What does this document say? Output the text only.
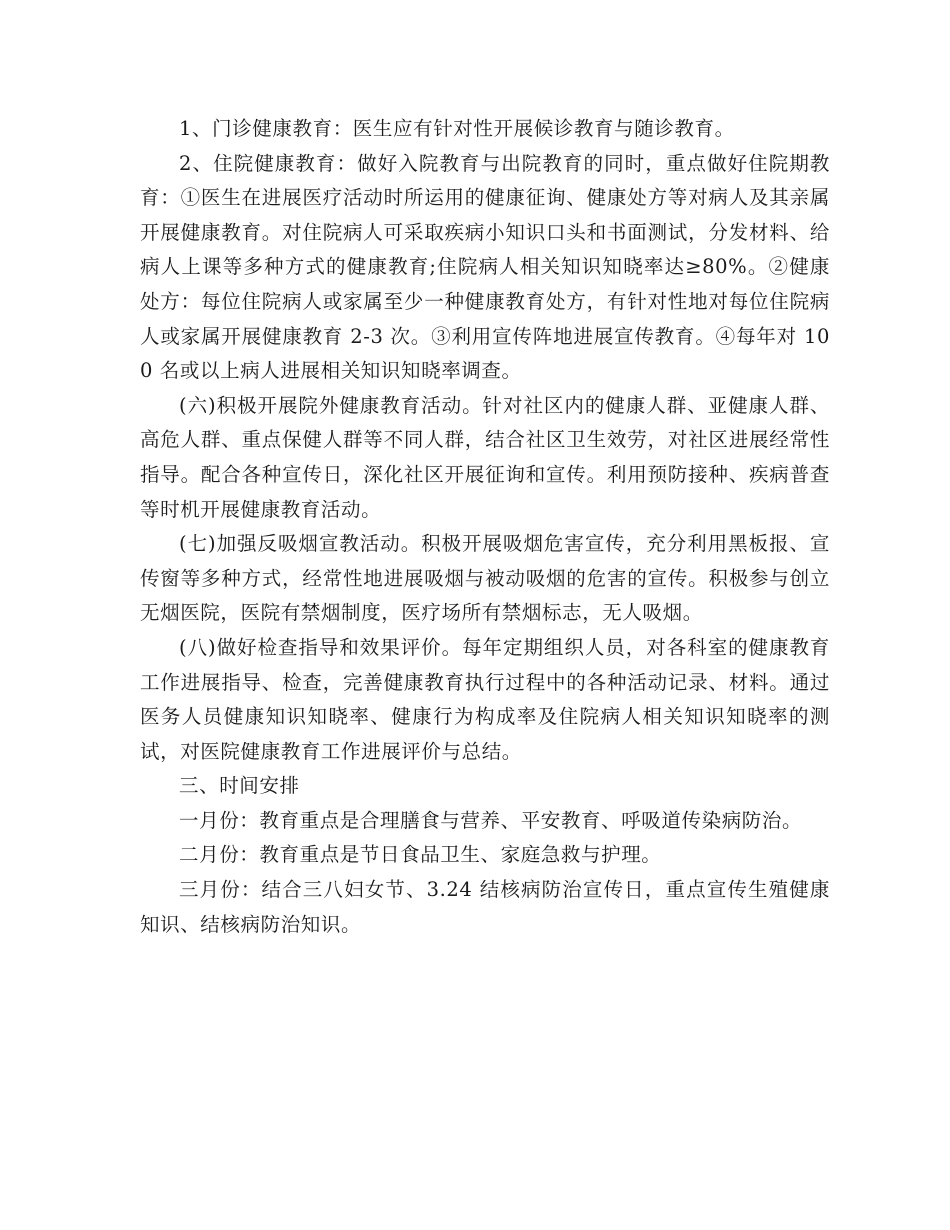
1、门诊健康教育：医生应有针对性开展候诊教育与随诊教育。

2、住院健康教育：做好入院教育与出院教育的同时，重点做好住院期教育：①医生在进展医疗活动时所运用的健康征询、健康处方等对病人及其亲属开展健康教育。对住院病人可采取疾病小知识口头和书面测试，分发材料、给病人上课等多种方式的健康教育;住院病人相关知识知晓率达≥80%。②健康处方：每位住院病人或家属至少一种健康教育处方，有针对性地对每位住院病人或家属开展健康教育 2-3 次。③利用宣传阵地进展宣传教育。④每年对 100 名或以上病人进展相关知识知晓率调查。

(六)积极开展院外健康教育活动。针对社区内的健康人群、亚健康人群、高危人群、重点保健人群等不同人群，结合社区卫生效劳，对社区进展经常性指导。配合各种宣传日，深化社区开展征询和宣传。利用预防接种、疾病普查等时机开展健康教育活动。

(七)加强反吸烟宣教活动。积极开展吸烟危害宣传，充分利用黑板报、宣传窗等多种方式，经常性地进展吸烟与被动吸烟的危害的宣传。积极参与创立无烟医院，医院有禁烟制度，医疗场所有禁烟标志，无人吸烟。

(八)做好检查指导和效果评价。每年定期组织人员，对各科室的健康教育工作进展指导、检查，完善健康教育执行过程中的各种活动记录、材料。通过医务人员健康知识知晓率、健康行为构成率及住院病人相关知识知晓率的测试，对医院健康教育工作进展评价与总结。

三、时间安排

一月份：教育重点是合理膳食与营养、平安教育、呼吸道传染病防治。

二月份：教育重点是节日食品卫生、家庭急救与护理。

三月份：结合三八妇女节、3.24 结核病防治宣传日，重点宣传生殖健康知识、结核病防治知识。
